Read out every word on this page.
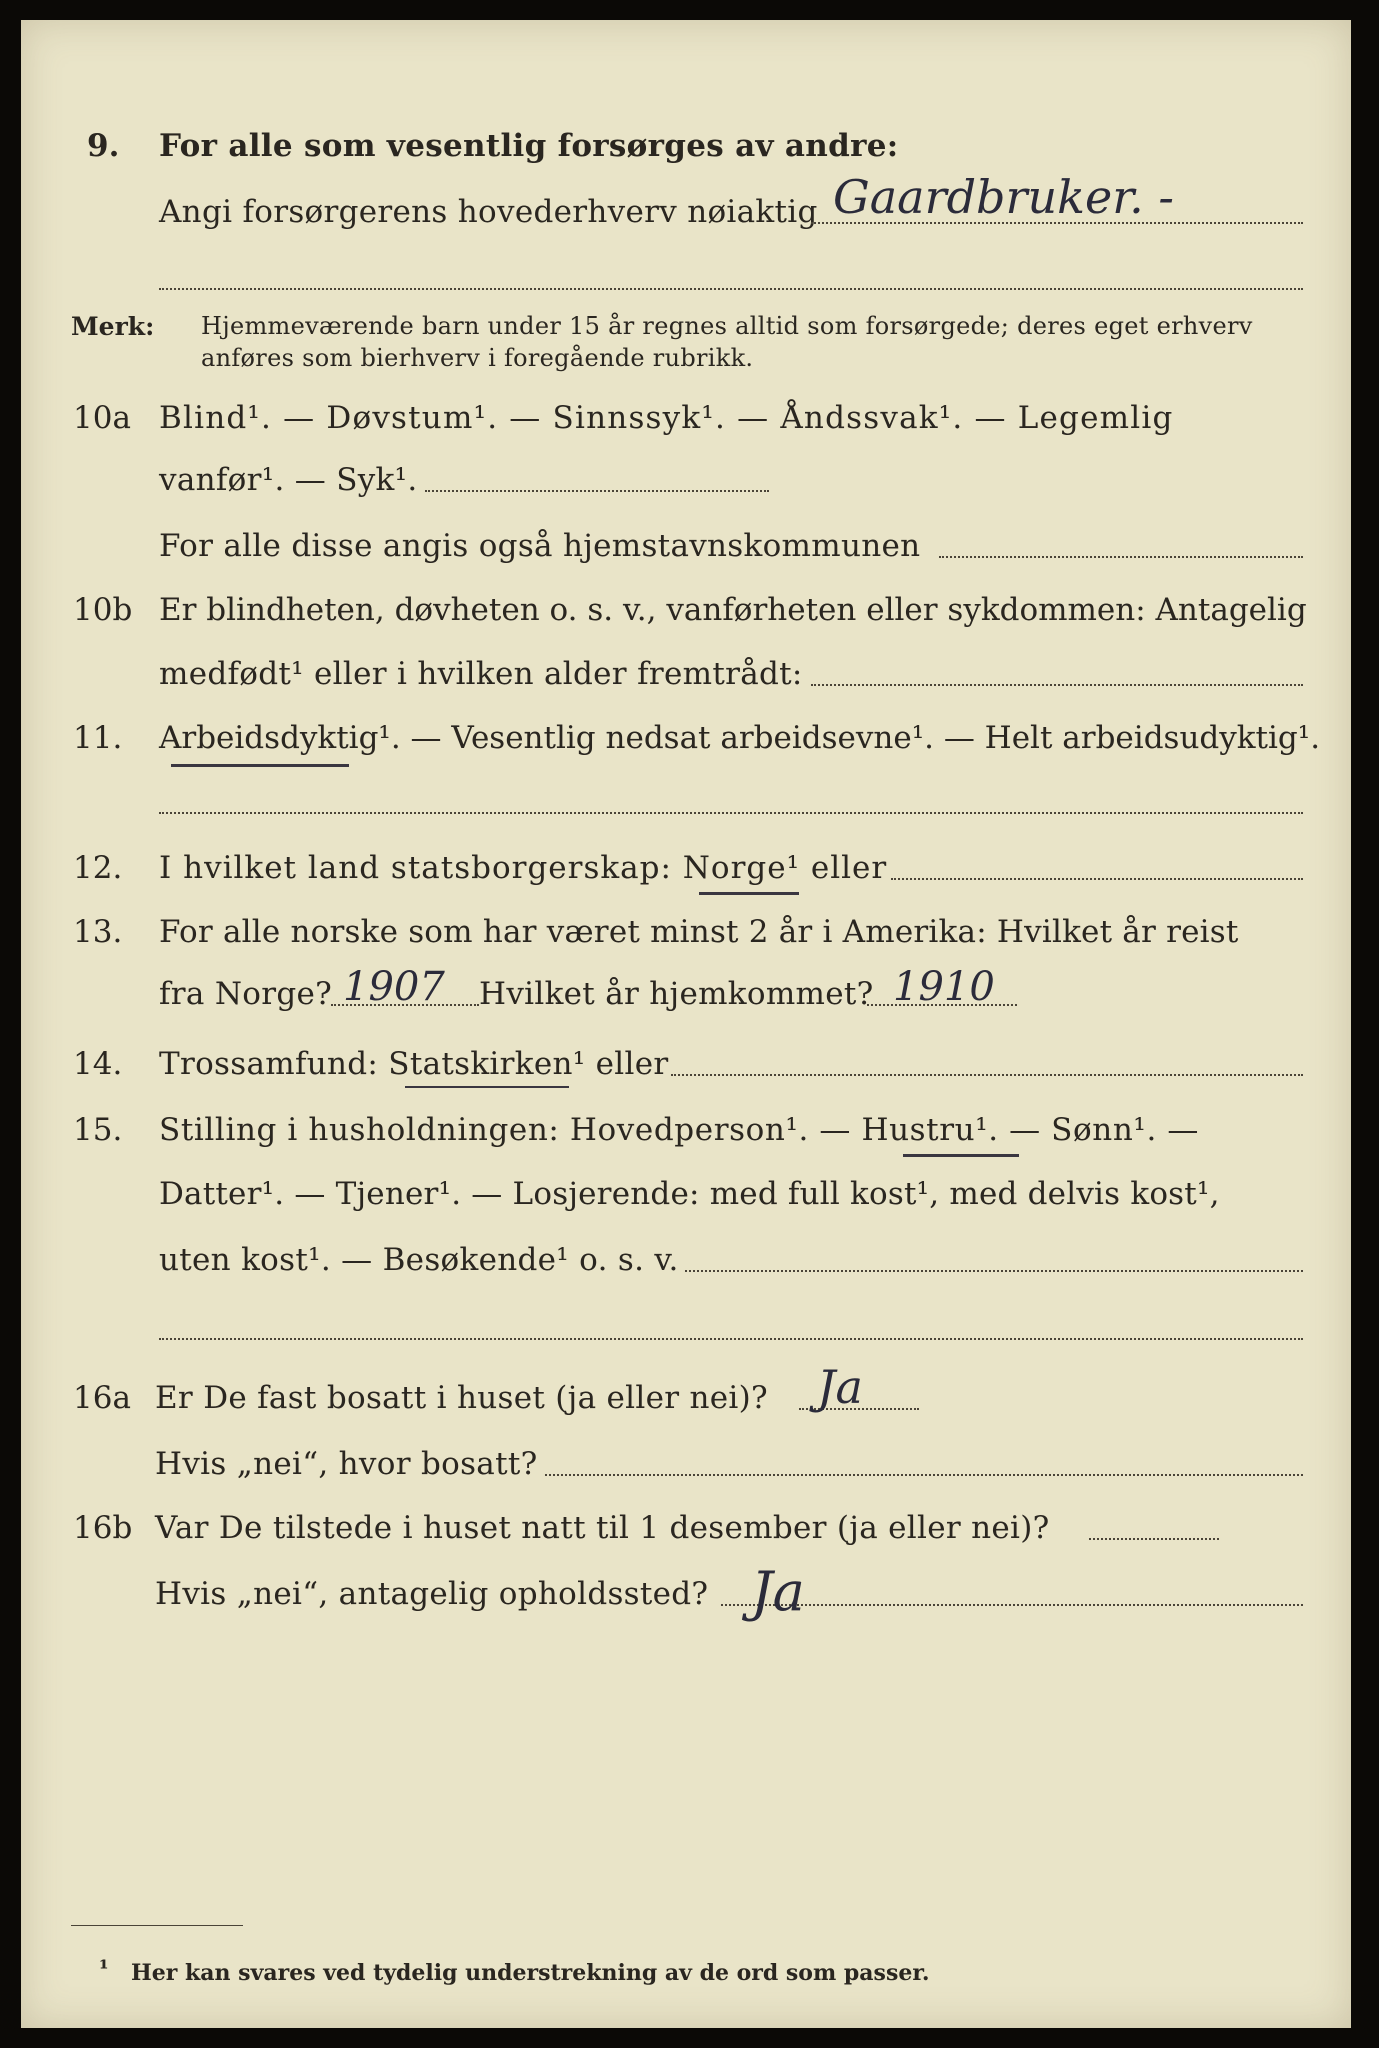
9. For alle som vesentlig forsørges av andre:
Angi forsørgerens hovederhverv nøiaktig Gaardbruker. -
Merk: Hjemmeværende barn under 15 år regnes alltid som forsørgede; deres eget erhverv
anføres som bierhverv i foregående rubrikk.
10a Blind¹. — Døvstum¹. — Sinnssyk¹. — Åndssvak¹. — Legemlig
vanfør¹. — Syk¹.
For alle disse angis også hjemstavnskommunen
10b Er blindheten, døvheten o. s. v., vanførheten eller sykdommen: Antagelig
medfødt¹ eller i hvilken alder fremtrådt:
11. Arbeidsdyktig¹. — Vesentlig nedsat arbeidsevne¹. — Helt arbeidsudyktig¹.
12. I hvilket land statsborgerskap: Norge¹ eller
13. For alle norske som har været minst 2 år i Amerika: Hvilket år reist
fra Norge? 1907 Hvilket år hjemkommet? 1910
14. Trossamfund: Statskirken¹ eller
15. Stilling i husholdningen: Hovedperson¹. — Hustru¹. — Sønn¹. —
Datter¹. — Tjener¹. — Losjerende: med full kost¹, med delvis kost¹,
uten kost¹. — Besøkende¹ o. s. v.
16a Er De fast bosatt i huset (ja eller nei)? Ja
Hvis „nei“, hvor bosatt?
16b Var De tilstede i huset natt til 1 desember (ja eller nei)?
Hvis „nei“, antagelig opholdssted? Ja
¹ Her kan svares ved tydelig understrekning av de ord som passer.
